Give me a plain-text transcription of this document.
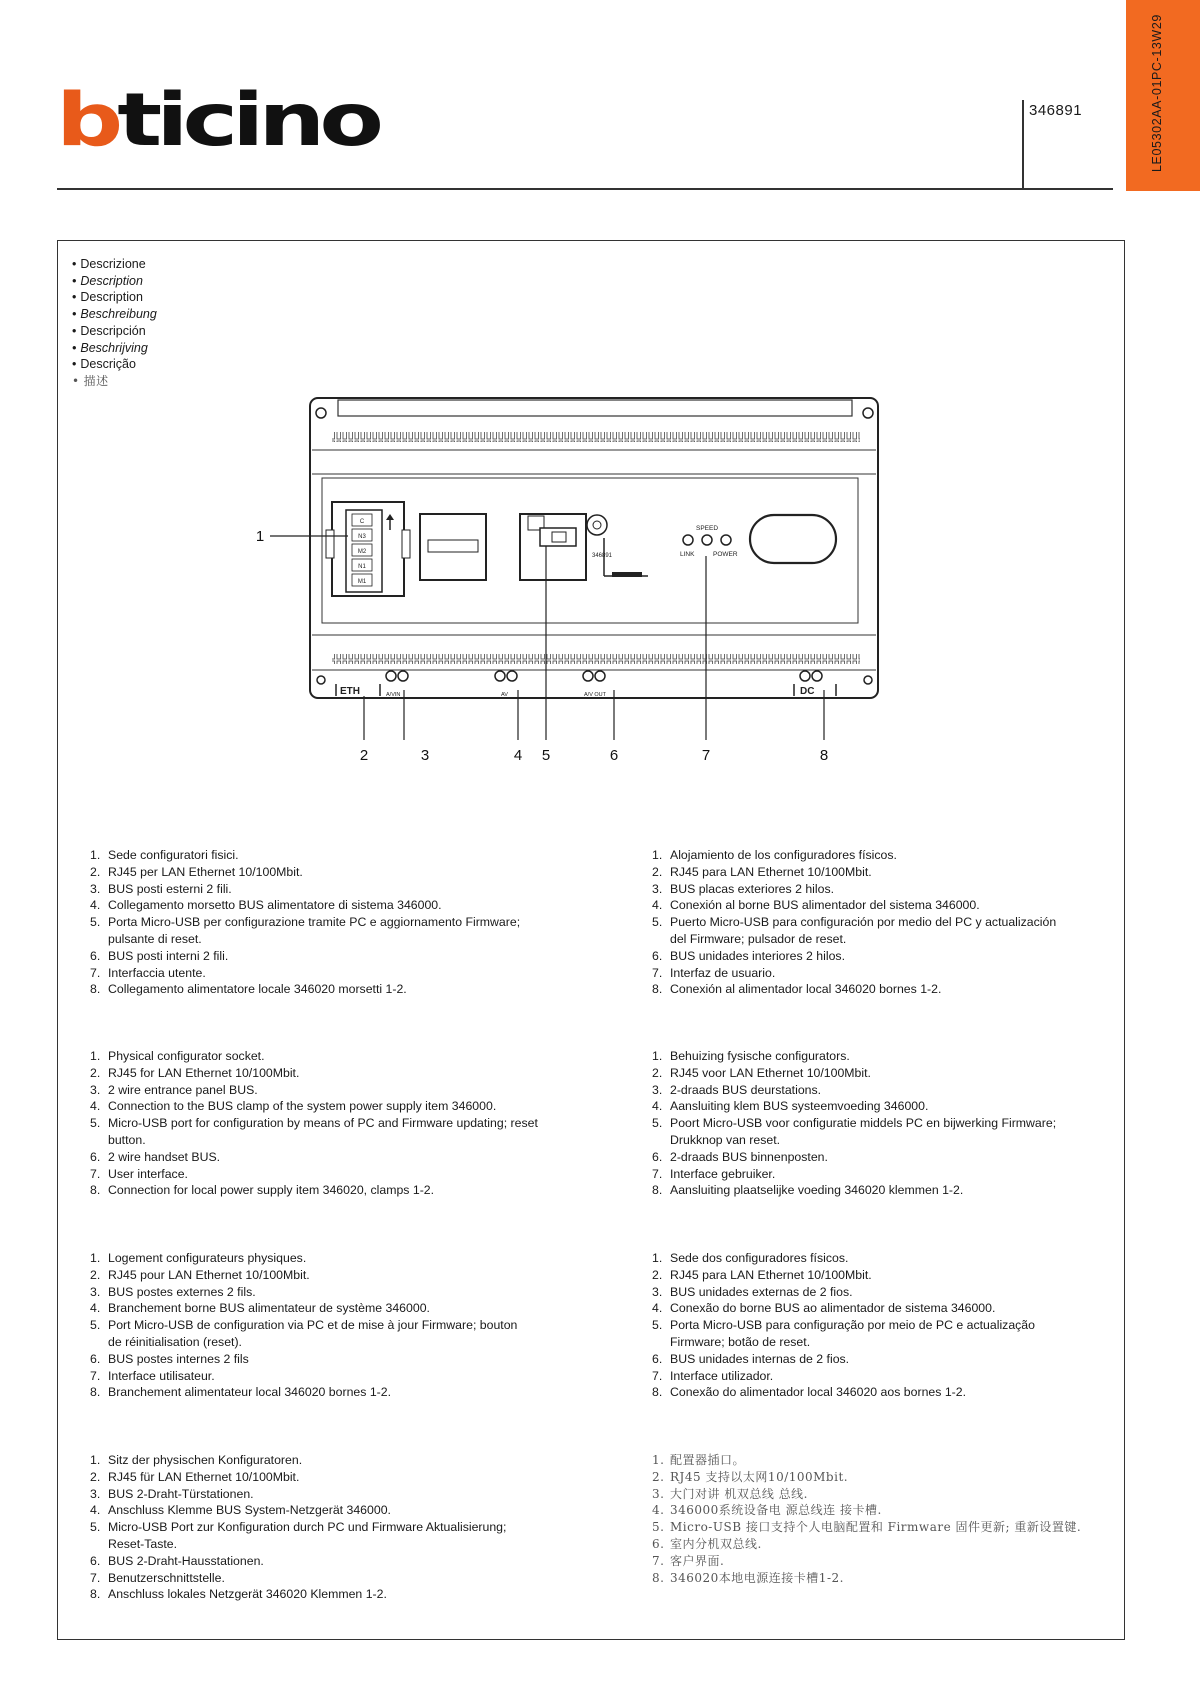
LE05302AA-01PC-13W29
bticino	346891
• Descrizione
• Description
• Description
• Beschreibung
• Descripción
• Beschrijving
• Descrição
• 描述
C
N3
M2
N1
M1
346891
SPEED
LINK	POWER
ETH	A/VIN	AV	A/V OUT	DC
1
2	3	4 5	6	7	8
1. Sede configuratori fisici.
2. RJ45 per LAN Ethernet 10/100Mbit.
3. BUS posti esterni 2 fili.
4. Collegamento morsetto BUS alimentatore di sistema 346000.
5. Porta Micro-USB per configurazione tramite PC e aggiornamento Firmware; pulsante di reset.
6. BUS posti interni 2 fili.
7. Interfaccia utente.
8. Collegamento alimentatore locale 346020 morsetti 1-2.
1. Alojamiento de los configuradores físicos.
2. RJ45 para LAN Ethernet 10/100Mbit.
3. BUS placas exteriores 2 hilos.
4. Conexión al borne BUS alimentador del sistema 346000.
5. Puerto Micro-USB para configuración por medio del PC y actualización del Firmware; pulsador de reset.
6. BUS unidades interiores 2 hilos.
7. Interfaz de usuario.
8. Conexión al alimentador local 346020 bornes 1-2.
1. Physical configurator socket.
2. RJ45 for LAN Ethernet 10/100Mbit.
3. 2 wire entrance panel BUS.
4. Connection to the BUS clamp of the system power supply item 346000.
5. Micro-USB port for configuration by means of PC and Firmware updating; reset button.
6. 2 wire handset BUS.
7. User interface.
8. Connection for local power supply item 346020, clamps 1-2.
1. Behuizing fysische configurators.
2. RJ45 voor LAN Ethernet 10/100Mbit.
3. 2-draads BUS deurstations.
4. Aansluiting klem BUS systeemvoeding 346000.
5. Poort Micro-USB voor configuratie middels PC en bijwerking Firmware; Drukknop van reset.
6. 2-draads BUS binnenposten.
7. Interface gebruiker.
8. Aansluiting plaatselijke voeding 346020 klemmen 1-2.
1. Logement configurateurs physiques.
2. RJ45 pour LAN Ethernet 10/100Mbit.
3. BUS postes externes 2 fils.
4. Branchement borne BUS alimentateur de système 346000.
5. Port Micro-USB de configuration via PC et de mise à jour Firmware; bouton de réinitialisation (reset).
6. BUS postes internes 2 fils
7. Interface utilisateur.
8. Branchement alimentateur local 346020 bornes 1-2.
1. Sede dos configuradores físicos.
2. RJ45 para LAN Ethernet 10/100Mbit.
3. BUS unidades externas de 2 fios.
4. Conexão do borne BUS ao alimentador de sistema 346000.
5. Porta Micro-USB para configuração por meio de PC e actualização Firmware; botão de reset.
6. BUS unidades internas de 2 fios.
7. Interface utilizador.
8. Conexão do alimentador local 346020 aos bornes 1-2.
1. Sitz der physischen Konfiguratoren.
2. RJ45 für LAN Ethernet 10/100Mbit.
3. BUS 2-Draht-Türstationen.
4. Anschluss Klemme BUS System-Netzgerät 346000.
5. Micro-USB Port zur Konfiguration durch PC und Firmware Aktualisierung; Reset-Taste.
6. BUS 2-Draht-Hausstationen.
7. Benutzerschnittstelle.
8. Anschluss lokales Netzgerät 346020 Klemmen 1-2.
1. 配置器插口。
2. RJ45 支持以太网10/100Mbit.
3. 大门对讲 机双总线 总线.
4. 346000系统设备电 源总线连 接卡槽.
5. Micro-USB 接口支持个人电脑配置和 Firmware 固件更新; 重新设置键.
6. 室内分机双总线.
7. 客户界面.
8. 346020本地电源连接卡槽1-2.
